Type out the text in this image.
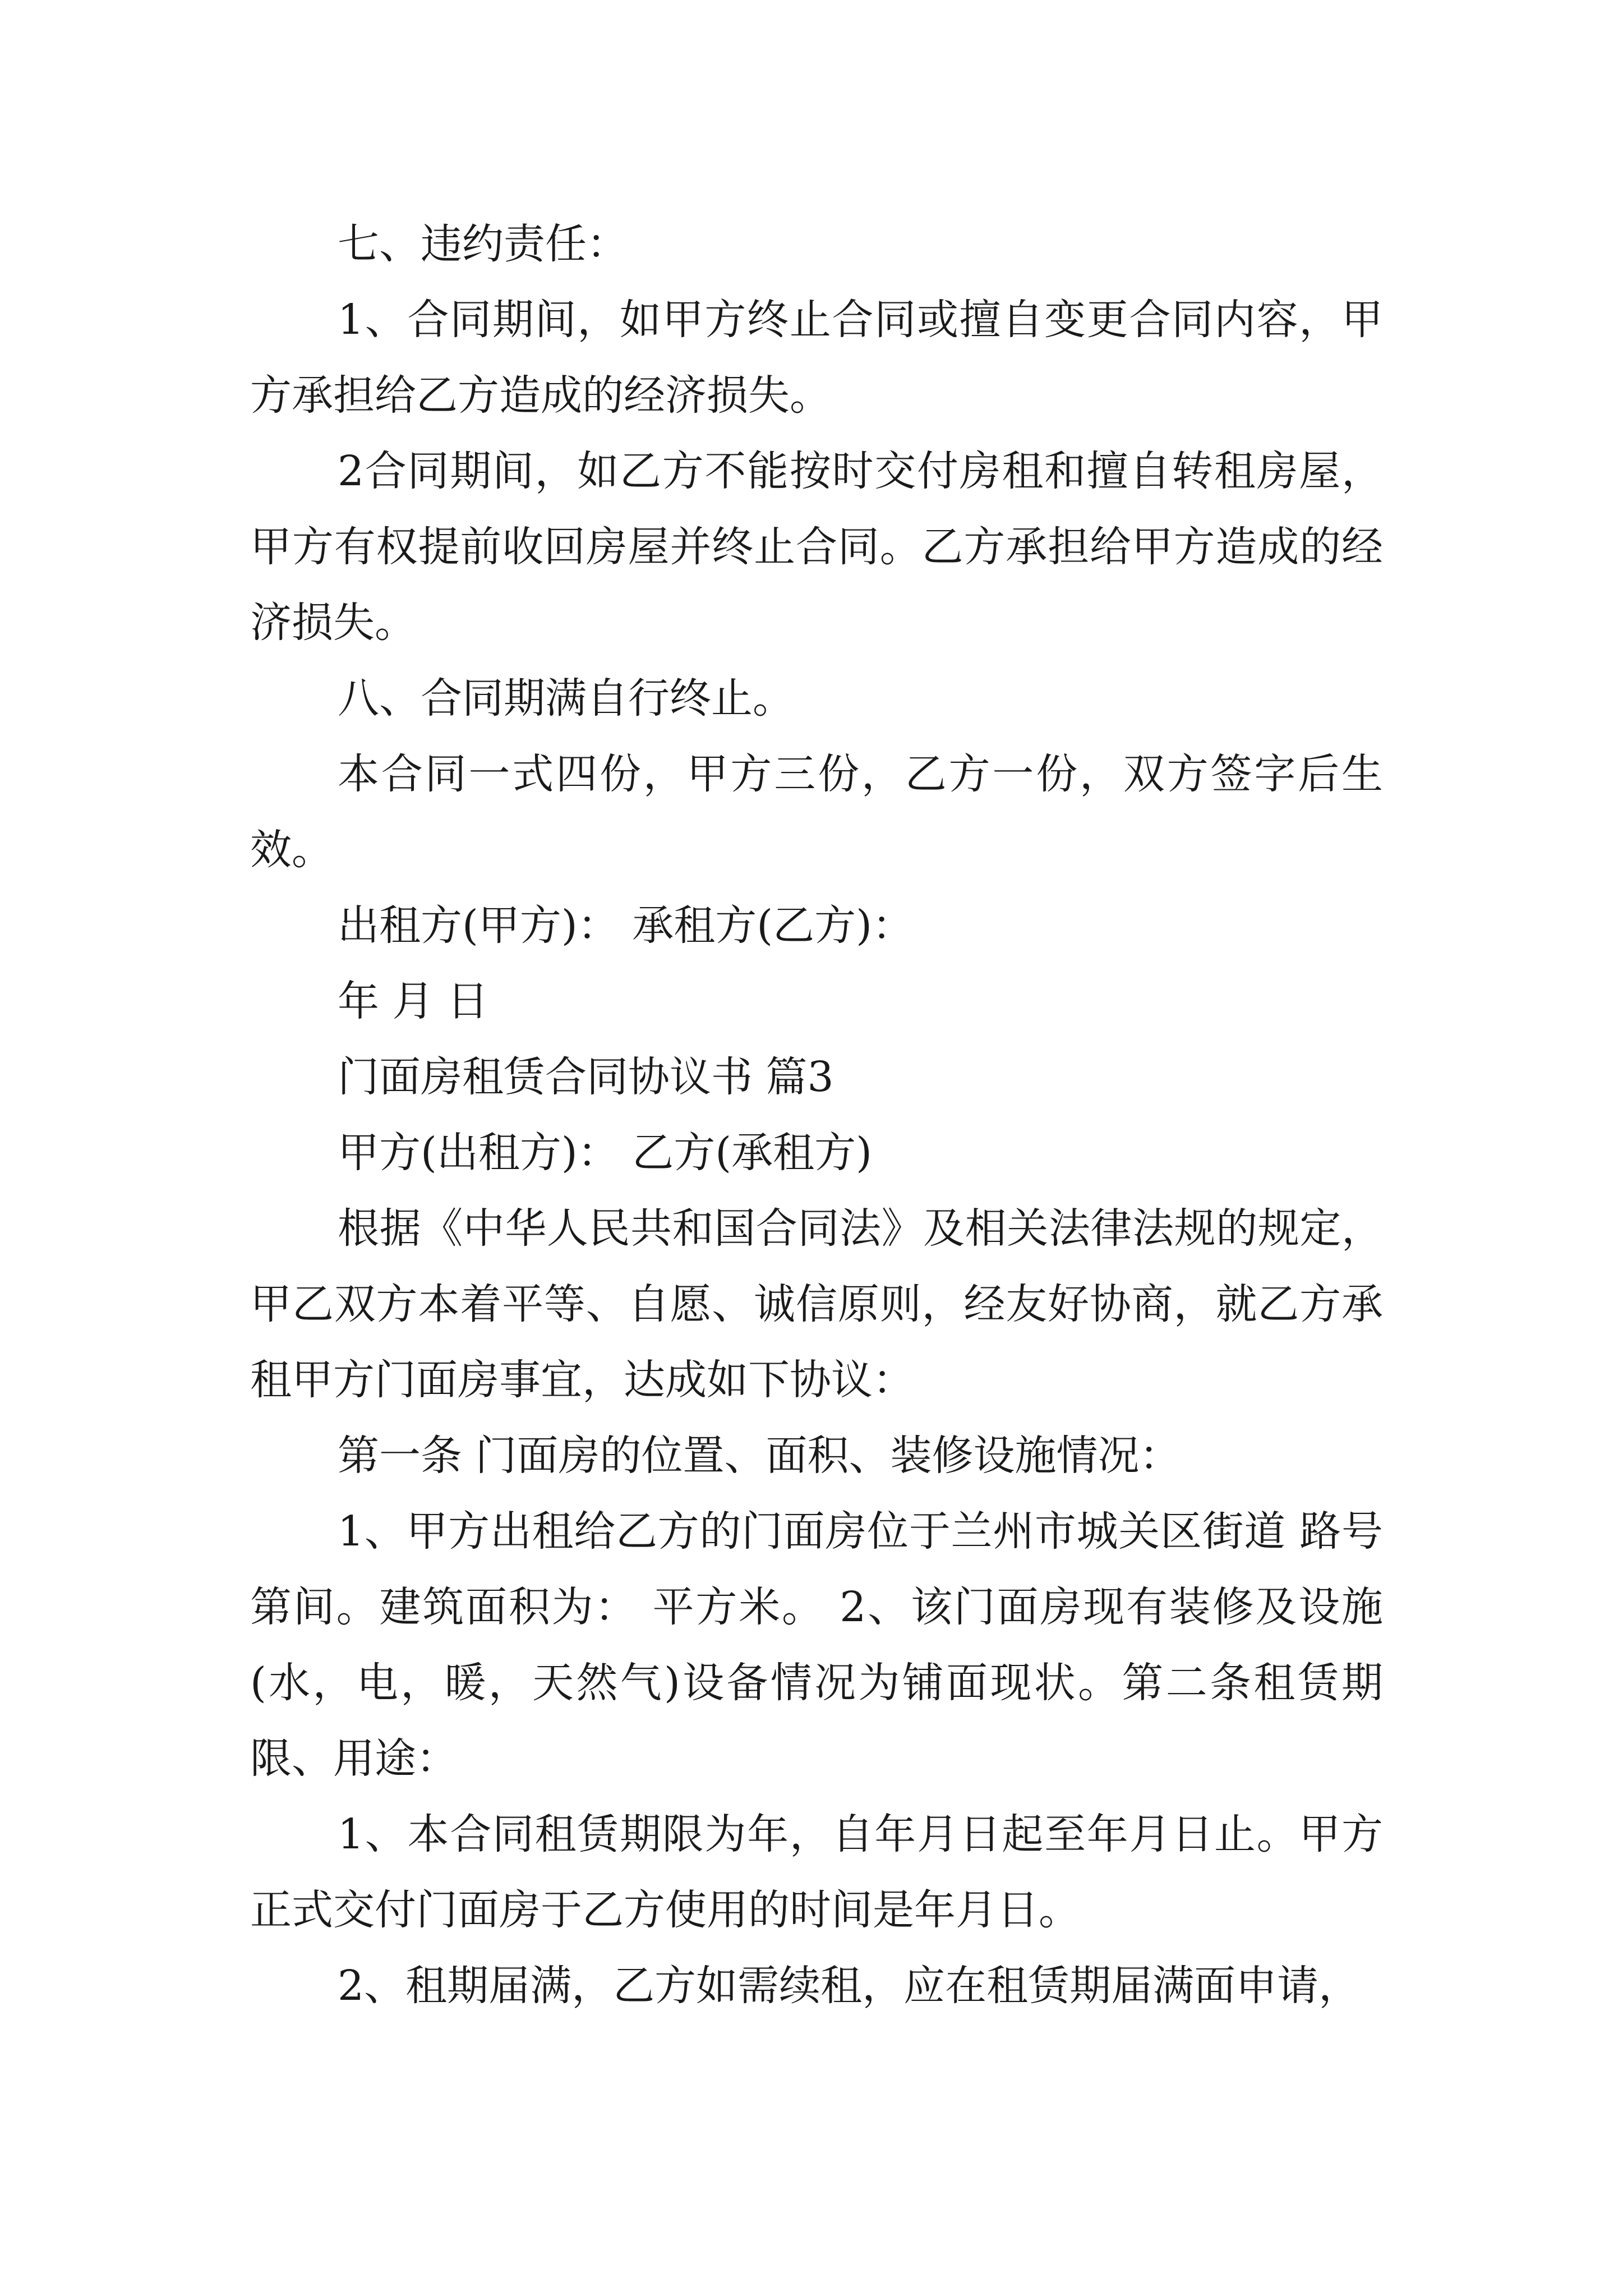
七、违约责任：

1、合同期间，如甲方终止合同或擅自变更合同内容，甲方承担给乙方造成的经济损失。

2合同期间，如乙方不能按时交付房租和擅自转租房屋，甲方有权提前收回房屋并终止合同。乙方承担给甲方造成的经济损失。

八、合同期满自行终止。

本合同一式四份，甲方三份，乙方一份，双方签字后生效。

出租方(甲方)： 承租方(乙方)：

年 月 日

门面房租赁合同协议书 篇3

甲方(出租方)： 乙方(承租方)

根据《中华人民共和国合同法》及相关法律法规的规定，甲乙双方本着平等、自愿、诚信原则，经友好协商，就乙方承租甲方门面房事宜，达成如下协议：

第一条 门面房的位置、面积、装修设施情况：

1、甲方出租给乙方的门面房位于兰州市城关区街道 路号第间。建筑面积为： 平方米。 2、该门面房现有装修及设施(水，电，暖，天然气)设备情况为铺面现状。第二条租赁期限、用途：

1、本合同租赁期限为年，自年月日起至年月日止。甲方正式交付门面房于乙方使用的时间是年月日。

2、租期届满，乙方如需续租，应在租赁期届满面申请，
